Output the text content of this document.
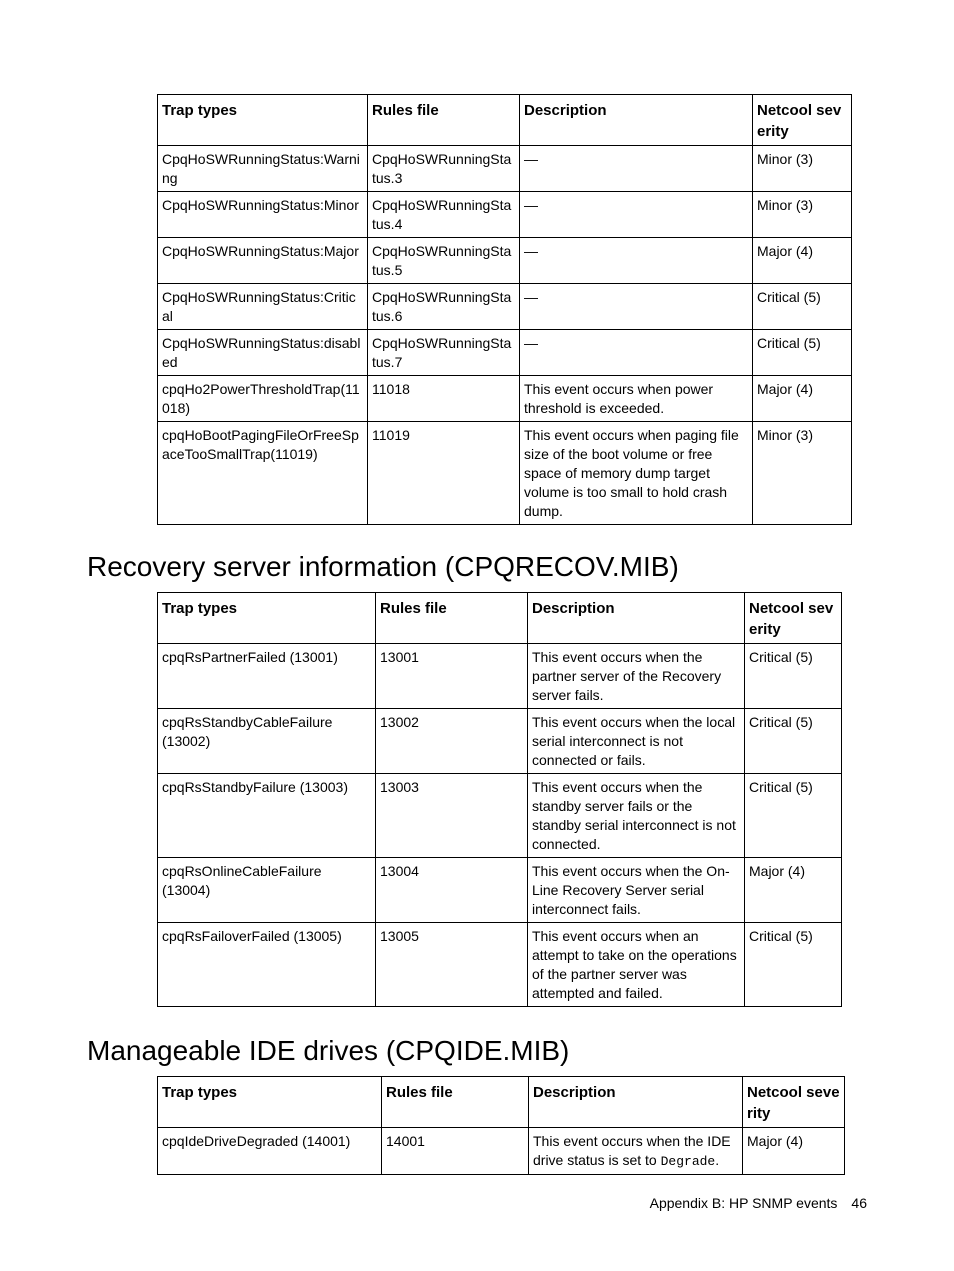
Trap types	Rules file	Description	Netcool severity
CpqHoSWRunningStatus:Warning	CpqHoSWRunningStatus.3	—	Minor (3)
CpqHoSWRunningStatus:Minor	CpqHoSWRunningStatus.4	—	Minor (3)
CpqHoSWRunningStatus:Major	CpqHoSWRunningStatus.5	—	Major (4)
CpqHoSWRunningStatus:Critical	CpqHoSWRunningStatus.6	—	Critical (5)
CpqHoSWRunningStatus:disabled	CpqHoSWRunningStatus.7	—	Critical (5)
cpqHo2PowerThresholdTrap(11018)	11018	This event occurs when power threshold is exceeded.	Major (4)
cpqHoBootPagingFileOrFreeSpaceTooSmallTrap(11019)	11019	This event occurs when paging file size of the boot volume or free space of memory dump target volume is too small to hold crash dump.	Minor (3)
Recovery server information (CPQRECOV.MIB)
Trap types	Rules file	Description	Netcool severity
cpqRsPartnerFailed (13001)	13001	This event occurs when the partner server of the Recovery server fails.	Critical (5)
cpqRsStandbyCableFailure (13002)	13002	This event occurs when the local serial interconnect is not connected or fails.	Critical (5)
cpqRsStandbyFailure (13003)	13003	This event occurs when the standby server fails or the standby serial interconnect is not connected.	Critical (5)
cpqRsOnlineCableFailure (13004)	13004	This event occurs when the On-Line Recovery Server serial interconnect fails.	Major (4)
cpqRsFailoverFailed (13005)	13005	This event occurs when an attempt to take on the operations of the partner server was attempted and failed.	Critical (5)
Manageable IDE drives (CPQIDE.MIB)
Trap types	Rules file	Description	Netcool severity
cpqIdeDriveDegraded (14001)	14001	This event occurs when the IDE drive status is set to Degrade.	Major (4)
Appendix B: HP SNMP events 46
